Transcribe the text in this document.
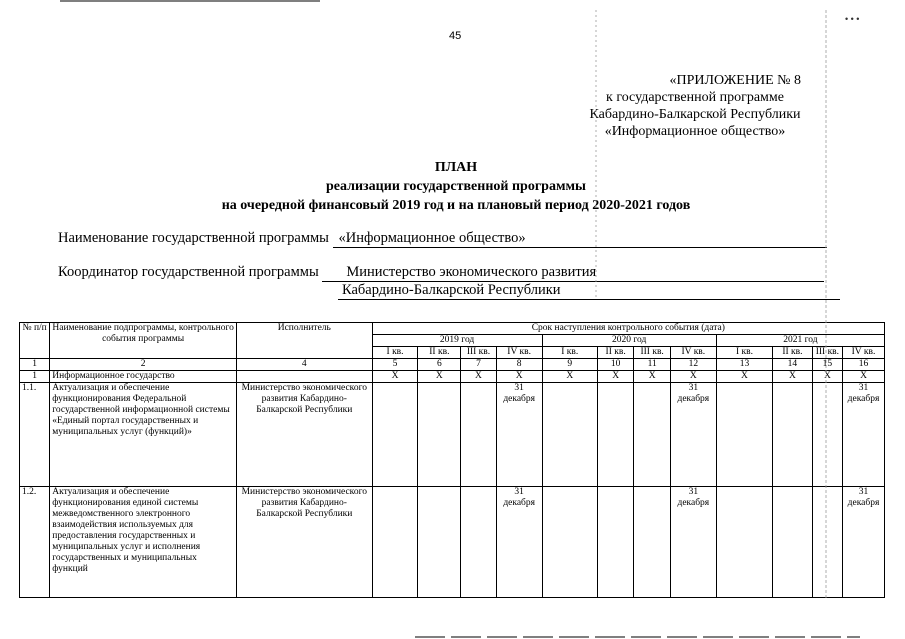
45
«ПРИЛОЖЕНИЕ № 8
к государственной программе
Кабардино-Балкарской Республики
«Информационное общество»
ПЛАН
реализации государственной программы
на очередной финансовый 2019 год и на плановый период 2020-2021 годов
Наименование государственной программы «Информационное общество»
Координатор государственной программы Министерство экономического развития
Кабардино-Балкарской Республики
№ п/п	Наименование подпрограммы, контрольного события программы	Исполнитель	Срок наступления контрольного события (дата)											
			2019 год				2020 год				2021 год			
			I кв.	II кв.	III кв.	IV кв.	I кв.	II кв.	III кв.	IV кв.	I кв.	II кв.	III кв.	IV кв.
1	2	4	5	6	7	8	9	10	11	12	13	14	15	16
1	Информационное государство		X	X	X	X	X	X	X	X	X	X	X	X
1.1.	Актуализация и обеспечение функционирования Федеральной государственной информационной системы «Единый портал государственных и муниципальных услуг (функций)»	Министерство экономического развития Кабардино-Балкарской Республики				31 декабря				31 декабря				31 декабря
1.2.	Актуализация и обеспечение функционирования единой системы межведомственного электронного взаимодействия используемых для предоставления государственных и муниципальных услуг и исполнения государственных и муниципальных функций	Министерство экономического развития Кабардино-Балкарской Республики				31 декабря				31 декабря				31 декабря
• • •
